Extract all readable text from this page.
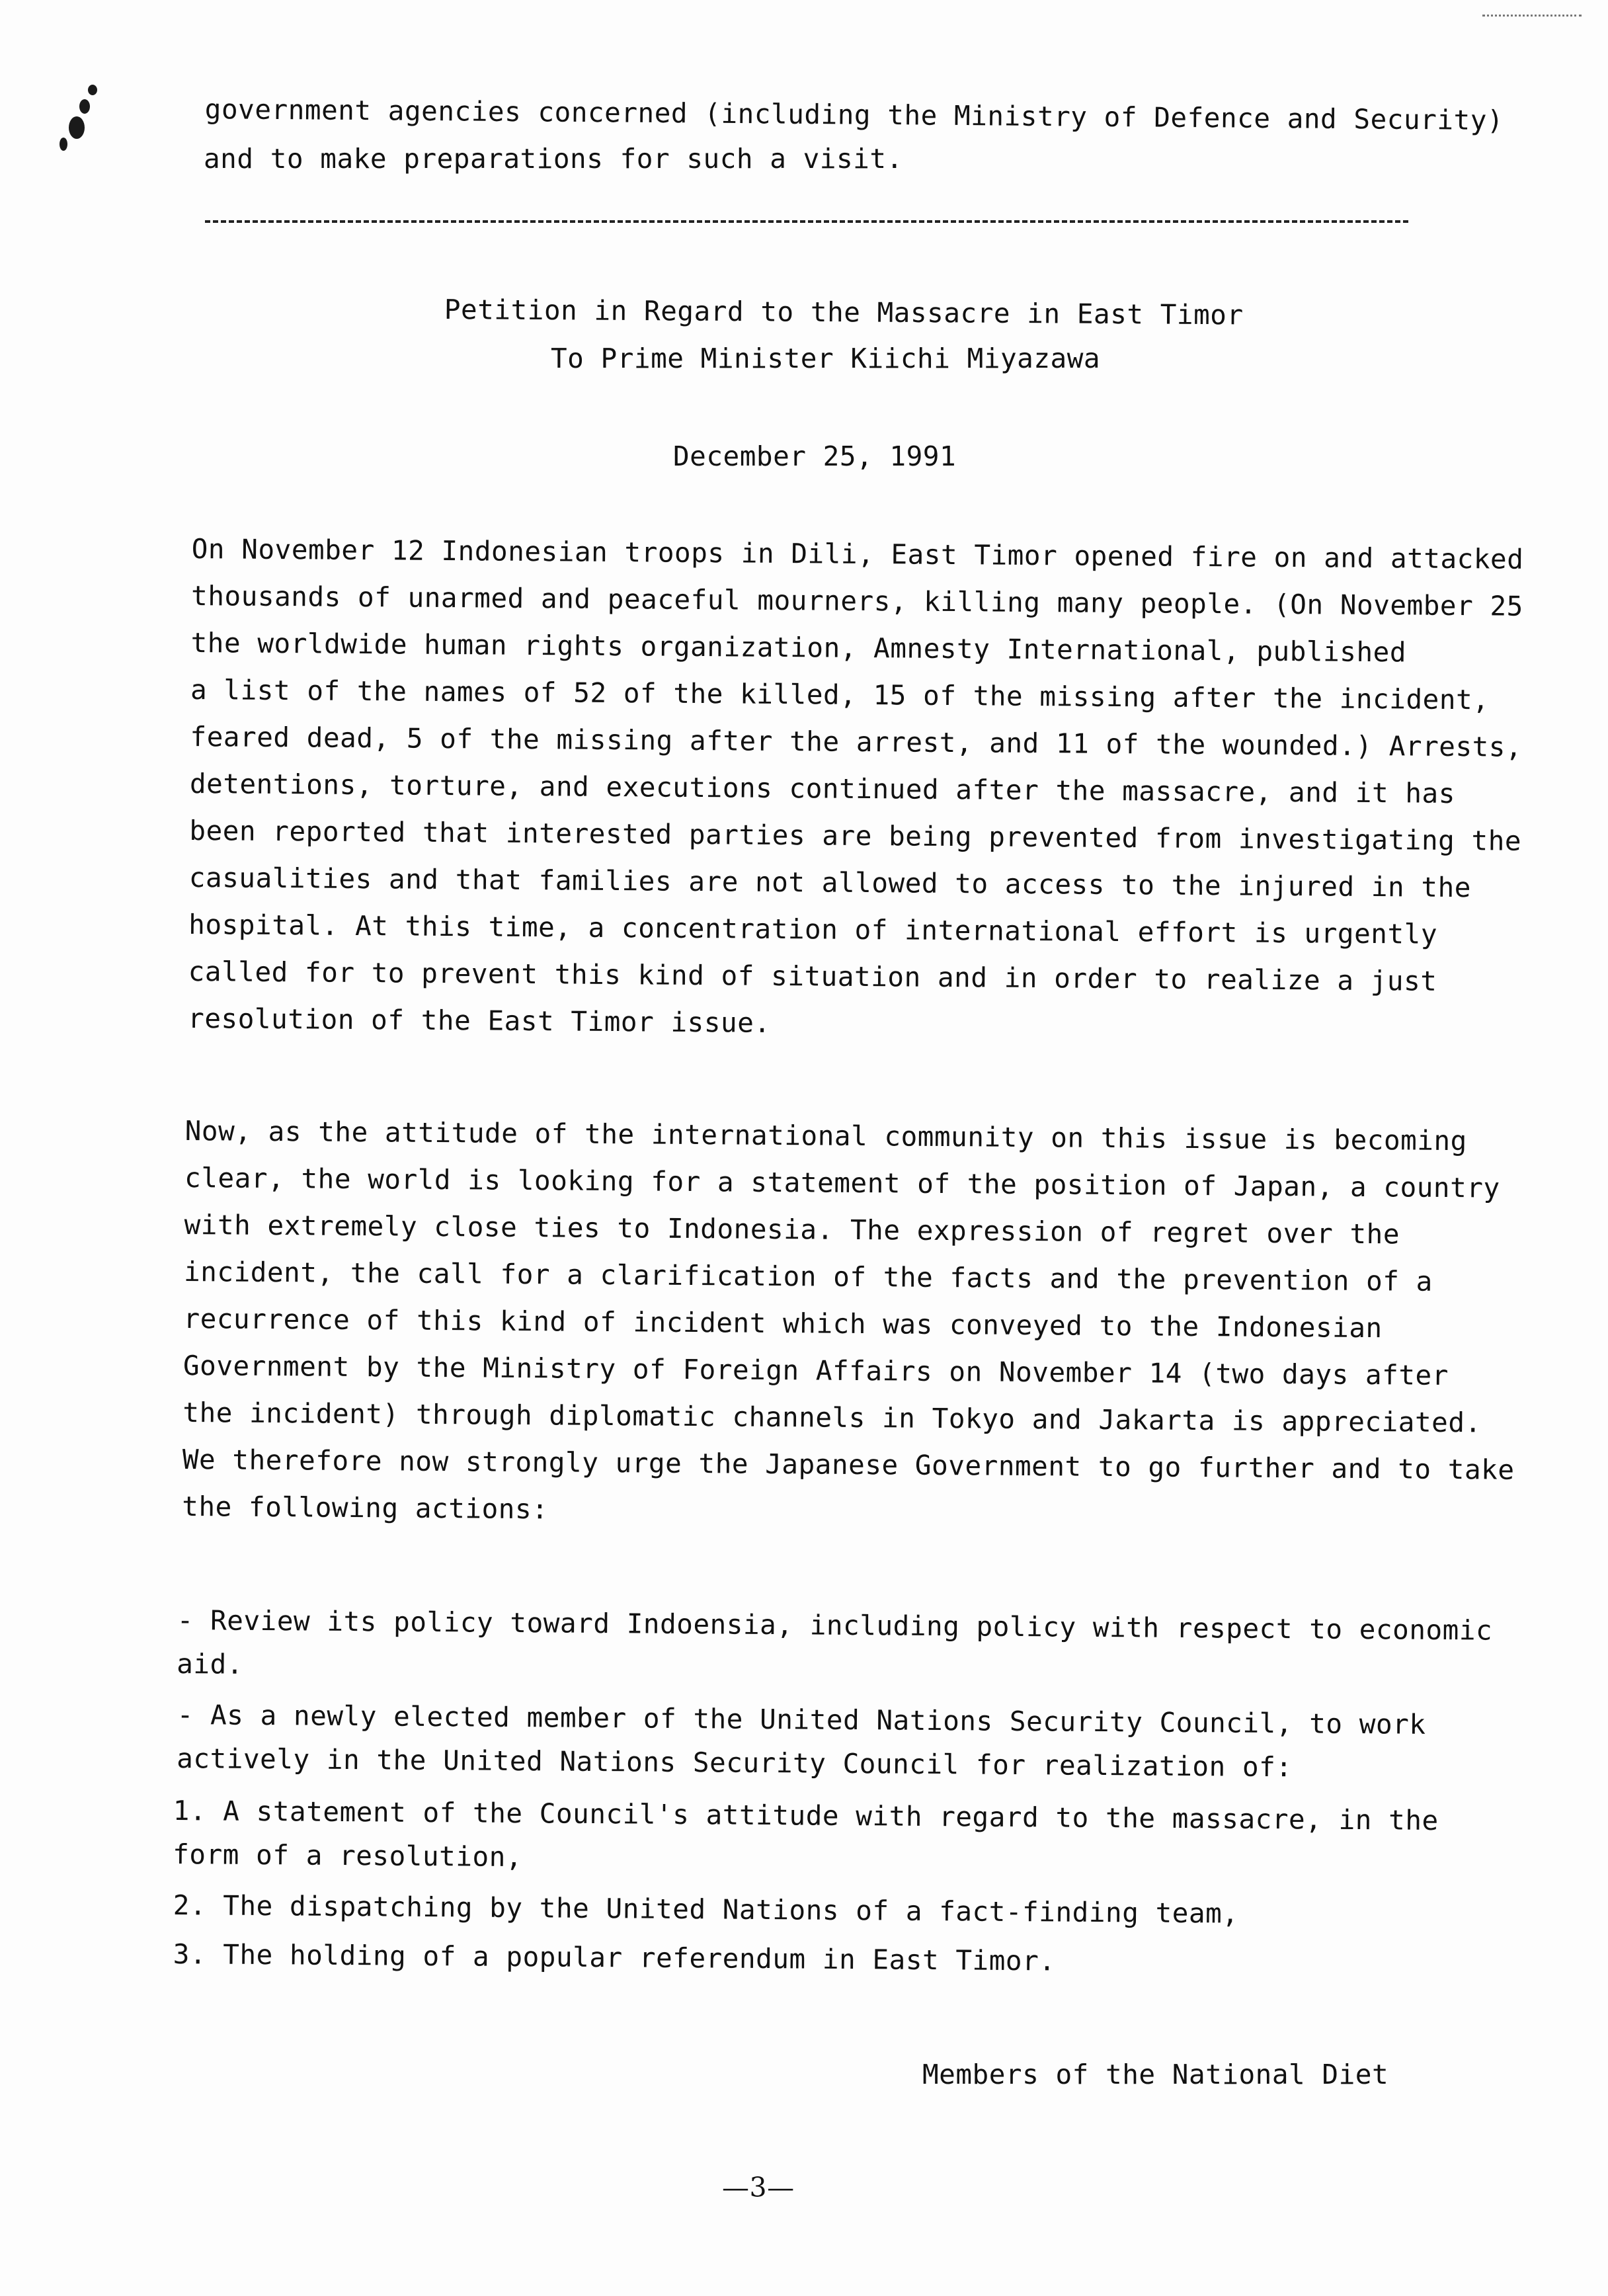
government agencies concerned (including the Ministry of Defence and Security)
and to make preparations for such a visit.
Petition in Regard to the Massacre in East Timor
To Prime Minister Kiichi Miyazawa
December 25, 1991
On November 12 Indonesian troops in Dili, East Timor opened fire on and attacked
thousands of unarmed and peaceful mourners, killing many people. (On November 25
the worldwide human rights organization, Amnesty International, published
a list of the names of 52 of the killed, 15 of the missing after the incident,
feared dead, 5 of the missing after the arrest, and 11 of the wounded.) Arrests,
detentions, torture, and executions continued after the massacre, and it has
been reported that interested parties are being prevented from investigating the
casualities and that families are not allowed to access to the injured in the
hospital. At this time, a concentration of international effort is urgently
called for to prevent this kind of situation and in order to realize a just
resolution of the East Timor issue.
Now, as the attitude of the international community on this issue is becoming
clear, the world is looking for a statement of the position of Japan, a country
with extremely close ties to Indonesia. The expression of regret over the
incident, the call for a clarification of the facts and the prevention of a
recurrence of this kind of incident which was conveyed to the Indonesian
Government by the Ministry of Foreign Affairs on November 14 (two days after
the incident) through diplomatic channels in Tokyo and Jakarta is appreciated.
We therefore now strongly urge the Japanese Government to go further and to take
the following actions:
- Review its policy toward Indoensia, including policy with respect to economic
aid.
- As a newly elected member of the United Nations Security Council, to work
actively in the United Nations Security Council for realization of:
1. A statement of the Council's attitude with regard to the massacre, in the
form of a resolution,
2. The dispatching by the United Nations of a fact-finding team,
3. The holding of a popular referendum in East Timor.
Members of the National Diet
—3—
